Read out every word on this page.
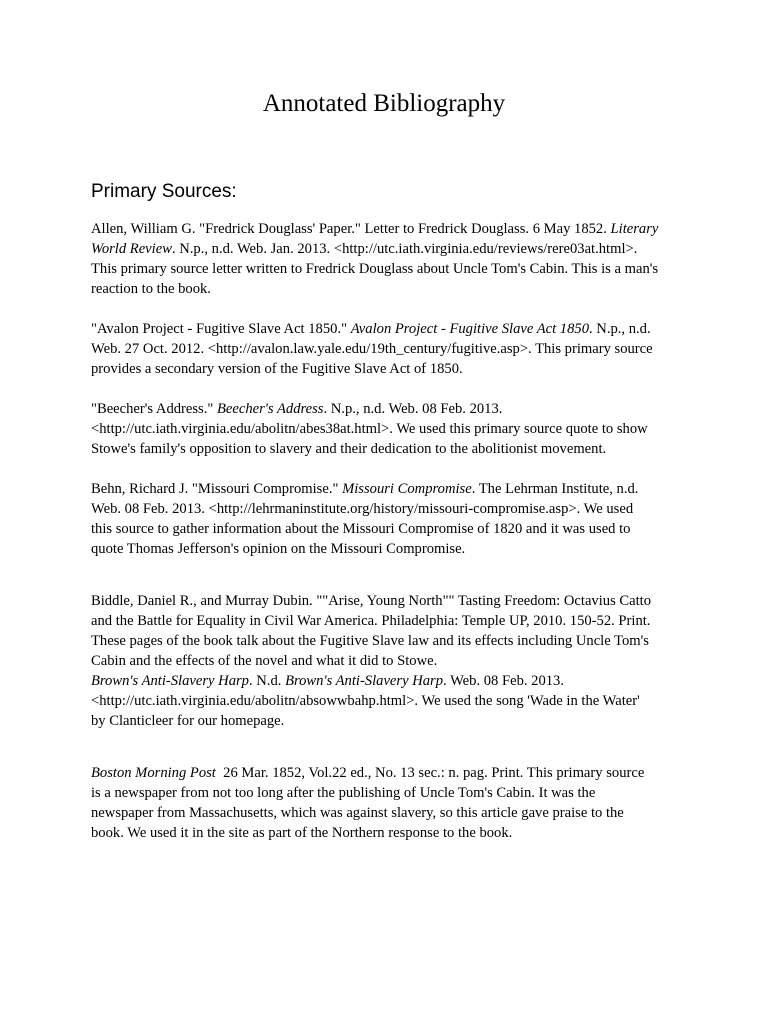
Annotated Bibliography
Primary Sources:
Allen, William G. "Fredrick Douglass' Paper." Letter to Fredrick Douglass. 6 May 1852. Literary
World Review. N.p., n.d. Web. Jan. 2013. <http://utc.iath.virginia.edu/reviews/rere03at.html>.
This primary source letter written to Fredrick Douglass about Uncle Tom's Cabin. This is a man's
reaction to the book.
"Avalon Project - Fugitive Slave Act 1850." Avalon Project - Fugitive Slave Act 1850. N.p., n.d.
Web. 27 Oct. 2012. <http://avalon.law.yale.edu/19th_century/fugitive.asp>. This primary source
provides a secondary version of the Fugitive Slave Act of 1850.
"Beecher's Address." Beecher's Address. N.p., n.d. Web. 08 Feb. 2013.
<http://utc.iath.virginia.edu/abolitn/abes38at.html>. We used this primary source quote to show
Stowe's family's opposition to slavery and their dedication to the abolitionist movement.
Behn, Richard J. "Missouri Compromise." Missouri Compromise. The Lehrman Institute, n.d.
Web. 08 Feb. 2013. <http://lehrmaninstitute.org/history/missouri-compromise.asp>. We used
this source to gather information about the Missouri Compromise of 1820 and it was used to
quote Thomas Jefferson's opinion on the Missouri Compromise.
Biddle, Daniel R., and Murray Dubin. ""Arise, Young North"" Tasting Freedom: Octavius Catto
and the Battle for Equality in Civil War America. Philadelphia: Temple UP, 2010. 150-52. Print.
These pages of the book talk about the Fugitive Slave law and its effects including Uncle Tom's
Cabin and the effects of the novel and what it did to Stowe.
Brown's Anti-Slavery Harp. N.d. Brown's Anti-Slavery Harp. Web. 08 Feb. 2013.
<http://utc.iath.virginia.edu/abolitn/absowwbahp.html>. We used the song 'Wade in the Water'
by Clanticleer for our homepage.
Boston Morning Post  26 Mar. 1852, Vol.22 ed., No. 13 sec.: n. pag. Print. This primary source
is a newspaper from not too long after the publishing of Uncle Tom's Cabin. It was the
newspaper from Massachusetts, which was against slavery, so this article gave praise to the
book. We used it in the site as part of the Northern response to the book.
